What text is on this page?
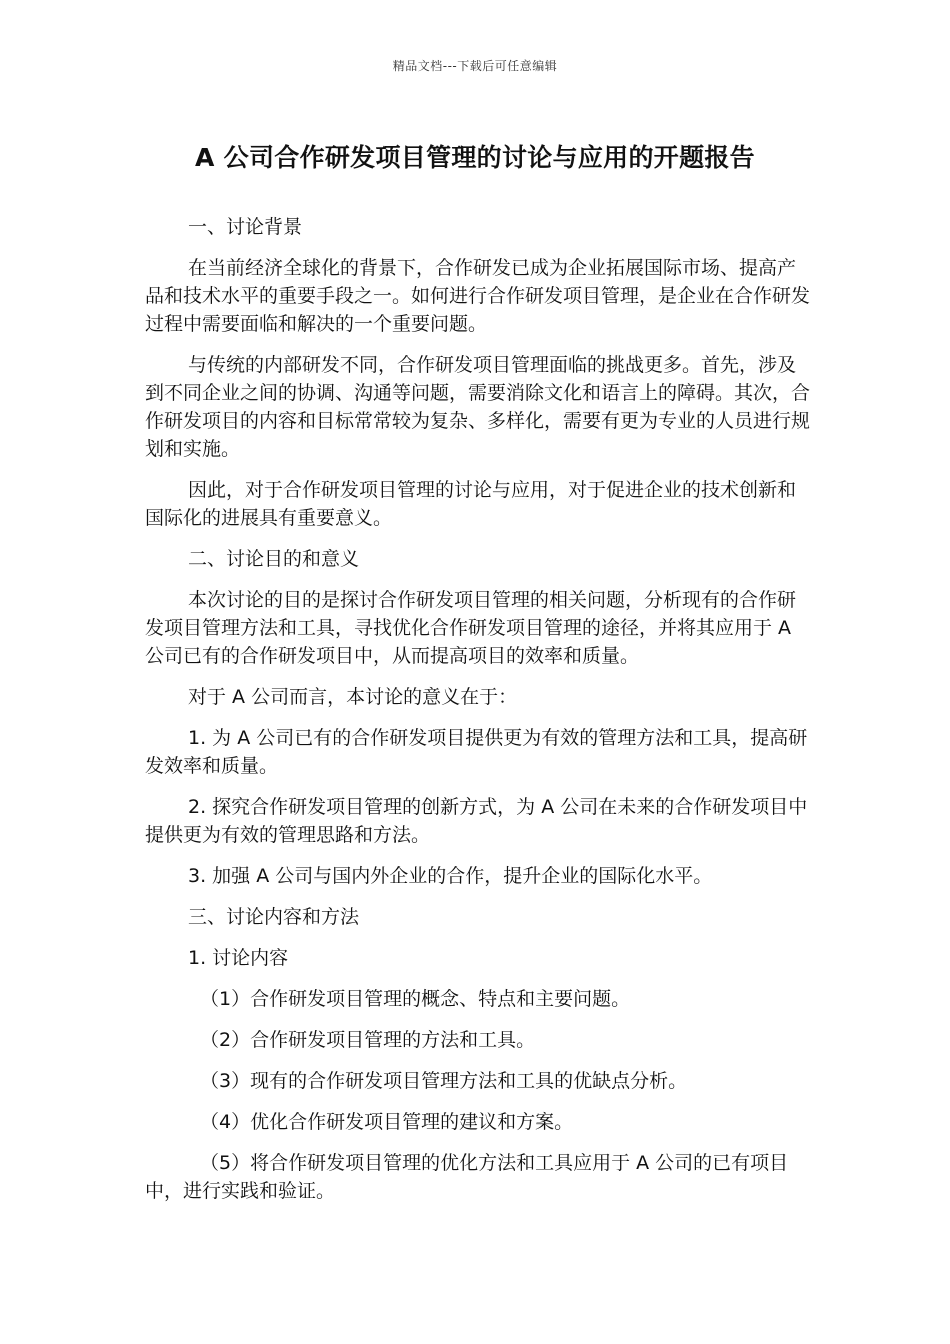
精品文档---下载后可任意编辑
A 公司合作研发项目管理的讨论与应用的开题报告

一、讨论背景

在当前经济全球化的背景下，合作研发已成为企业拓展国际市场、提高产品和技术水平的重要手段之一。如何进行合作研发项目管理，是企业在合作研发过程中需要面临和解决的一个重要问题。

与传统的内部研发不同，合作研发项目管理面临的挑战更多。首先，涉及到不同企业之间的协调、沟通等问题，需要消除文化和语言上的障碍。其次，合作研发项目的内容和目标常常较为复杂、多样化，需要有更为专业的人员进行规划和实施。

因此，对于合作研发项目管理的讨论与应用，对于促进企业的技术创新和国际化的进展具有重要意义。

二、讨论目的和意义

本次讨论的目的是探讨合作研发项目管理的相关问题，分析现有的合作研发项目管理方法和工具，寻找优化合作研发项目管理的途径，并将其应用于 A 公司已有的合作研发项目中，从而提高项目的效率和质量。

对于 A 公司而言，本讨论的意义在于：

1. 为 A 公司已有的合作研发项目提供更为有效的管理方法和工具，提高研发效率和质量。

2. 探究合作研发项目管理的创新方式，为 A 公司在未来的合作研发项目中提供更为有效的管理思路和方法。

3. 加强 A 公司与国内外企业的合作，提升企业的国际化水平。

三、讨论内容和方法

1. 讨论内容

（1）合作研发项目管理的概念、特点和主要问题。

（2）合作研发项目管理的方法和工具。

（3）现有的合作研发项目管理方法和工具的优缺点分析。

（4）优化合作研发项目管理的建议和方案。

（5）将合作研发项目管理的优化方法和工具应用于 A 公司的已有项目中，进行实践和验证。
